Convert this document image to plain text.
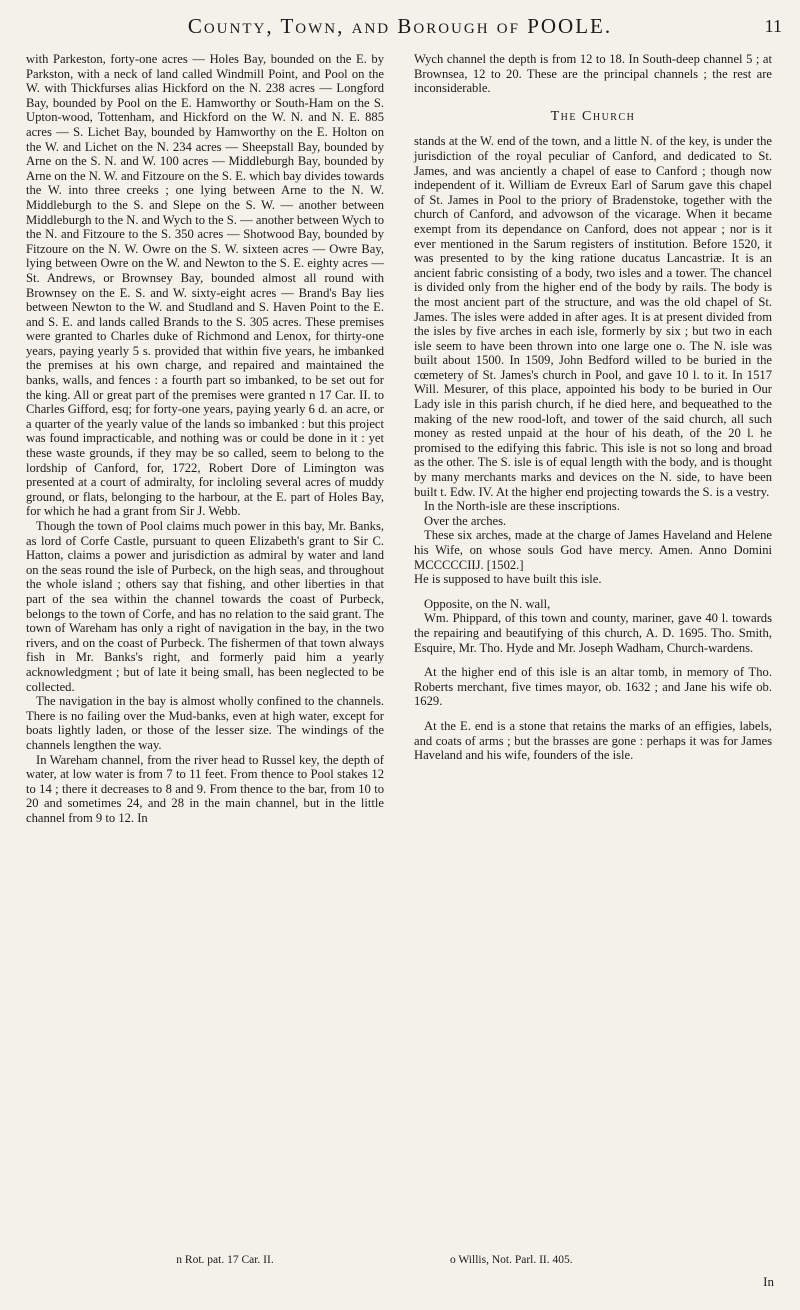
County, Town, and Borough of POOLE.	11

with Parkeston, forty-one acres — Holes Bay, bounded on the E. by Parkston, with a neck of land called Windmill Point, and Pool on the W. with Thickfurses alias Hickford on the N. 238 acres — Longford Bay, bounded by Pool on the E. Hamworthy or South-Ham on the S. Upton-wood, Tottenham, and Hickford on the W. N. and N. E. 885 acres — S. Lichet Bay, bounded by Hamworthy on the E. Holton on the W. and Lichet on the N. 234 acres — Sheepstall Bay, bounded by Arne on the S. N. and W. 100 acres — Middleburgh Bay, bounded by Arne on the N. W. and Fitzoure on the S. E. which bay divides towards the W. into three creeks ; one lying between Arne to the N. W. Middleburgh to the S. and Slepe on the S. W. — another between Middleburgh to the N. and Wych to the S. — another between Wych to the N. and Fitzoure to the S. 350 acres — Shotwood Bay, bounded by Fitzoure on the N. W. Owre on the S. W. sixteen acres — Owre Bay, lying between Owre on the W. and Newton to the S. E. eighty acres — St. Andrews, or Brownsey Bay, bounded almost all round with Brownsey on the E. S. and W. sixty-eight acres — Brand's Bay lies between Newton to the W. and Studland and S. Haven Point to the E. and S. E. and lands called Brands to the S. 305 acres. These premises were granted to Charles duke of Richmond and Lenox, for thirty-one years, paying yearly 5 s. provided that within five years, he imbanked the premises at his own charge, and repaired and maintained the banks, walls, and fences : a fourth part so imbanked, to be set out for the king. All or great part of the premises were granted n 17 Car. II. to Charles Gifford, esq; for forty-one years, paying yearly 6 d. an acre, or a quarter of the yearly value of the lands so imbanked : but this project was found impracticable, and nothing was or could be done in it : yet these waste grounds, if they may be so called, seem to belong to the lordship of Canford, for, 1722, Robert Dore of Limington was presented at a court of admiralty, for incloling several acres of muddy ground, or flats, belonging to the harbour, at the E. part of Holes Bay, for which he had a grant from Sir J. Webb.

Though the town of Pool claims much power in this bay, Mr. Banks, as lord of Corfe Castle, pursuant to queen Elizabeth's grant to Sir C. Hatton, claims a power and jurisdiction as admiral by water and land on the seas round the isle of Purbeck, on the high seas, and throughout the whole island ; others say that fishing, and other liberties in that part of the sea within the channel towards the coast of Purbeck, belongs to the town of Corfe, and has no relation to the said grant. The town of Wareham has only a right of navigation in the bay, in the two rivers, and on the coast of Purbeck. The fishermen of that town always fish in Mr. Banks's right, and formerly paid him a yearly acknowledgment ; but of late it being small, has been neglected to be collected.

The navigation in the bay is almost wholly confined to the channels. There is no failing over the Mud-banks, even at high water, except for boats lightly laden, or those of the lesser size. The windings of the channels lengthen the way.

In Wareham channel, from the river head to Russel key, the depth of water, at low water is from 7 to 11 feet. From thence to Pool stakes 12 to 14 ; there it decreases to 8 and 9. From thence to the bar, from 10 to 20 and sometimes 24, and 28 in the main channel, but in the little channel from 9 to 12. In

Wych channel the depth is from 12 to 18. In South-deep channel 5 ; at Brownsea, 12 to 20. These are the principal channels ; the rest are inconsiderable.

The Church

stands at the W. end of the town, and a little N. of the key, is under the jurisdiction of the royal peculiar of Canford, and dedicated to St. James, and was anciently a chapel of ease to Canford ; though now independent of it. William de Evreux Earl of Sarum gave this chapel of St. James in Pool to the priory of Bradenstoke, together with the church of Canford, and advowson of the vicarage. When it became exempt from its dependance on Canford, does not appear ; nor is it ever mentioned in the Sarum registers of institution. Before 1520, it was presented to by the king ratione ducatus Lancastriæ. It is an ancient fabric consisting of a body, two isles and a tower. The chancel is divided only from the higher end of the body by rails. The body is the most ancient part of the structure, and was the old chapel of St. James. The isles were added in after ages. It is at present divided from the isles by five arches in each isle, formerly by six ; but two in each isle seem to have been thrown into one large one o. The N. isle was built about 1500. In 1509, John Bedford willed to be buried in the cœmetery of St. James's church in Pool, and gave 10 l. to it. In 1517 Will. Mesurer, of this place, appointed his body to be buried in Our Lady isle in this parish church, if he died here, and bequeathed to the making of the new rood-loft, and tower of the said church, all such money as rested unpaid at the hour of his death, of the 20 l. he promised to the edifying this fabric. This isle is not so long and broad as the other. The S. isle is of equal length with the body, and is thought by many merchants marks and devices on the N. side, to have been built t. Edw. IV. At the higher end projecting towards the S. is a vestry.

In the North-isle are these inscriptions.

Over the arches.

These six arches, made at the charge of James Haveland and Helene his Wife, on whose souls God have mercy. Amen. Anno Domini MCCCCCIIJ. [1502.]

He is supposed to have built this isle.

Opposite, on the N. wall,

Wm. Phippard, of this town and county, mariner, gave 40 l. towards the repairing and beautifying of this church, A. D. 1695. Tho. Smith, Esquire, Mr. Tho. Hyde and Mr. Joseph Wadham, Church-wardens.

At the higher end of this isle is an altar tomb, in memory of Tho. Roberts merchant, five times mayor, ob. 1632 ; and Jane his wife ob. 1629.

At the E. end is a stone that retains the marks of an effigies, labels, and coats of arms ; but the brasses are gone : perhaps it was for James Haveland and his wife, founders of the isle.

n Rot. pat. 17 Car. II.	o Willis, Not. Parl. II. 405.
In
